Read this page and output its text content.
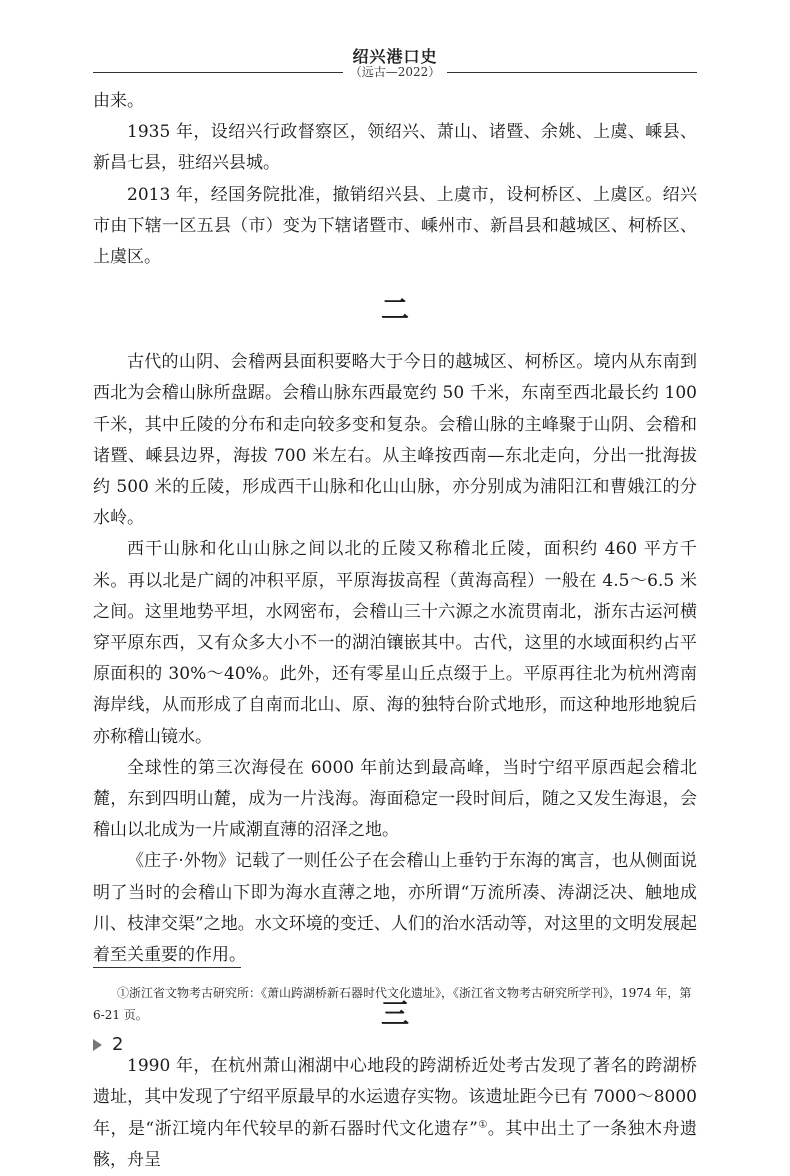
绍兴港口史
（远古—2022）

由来。

1935 年，设绍兴行政督察区，领绍兴、萧山、诸暨、余姚、上虞、嵊县、新昌七县，驻绍兴县城。

2013 年，经国务院批准，撤销绍兴县、上虞市，设柯桥区、上虞区。绍兴市由下辖一区五县（市）变为下辖诸暨市、嵊州市、新昌县和越城区、柯桥区、上虞区。

二

古代的山阴、会稽两县面积要略大于今日的越城区、柯桥区。境内从东南到西北为会稽山脉所盘踞。会稽山脉东西最宽约 50 千米，东南至西北最长约 100 千米，其中丘陵的分布和走向较多变和复杂。会稽山脉的主峰聚于山阴、会稽和诸暨、嵊县边界，海拔 700 米左右。从主峰按西南—东北走向，分出一批海拔约 500 米的丘陵，形成西干山脉和化山山脉，亦分别成为浦阳江和曹娥江的分水岭。

西干山脉和化山山脉之间以北的丘陵又称稽北丘陵，面积约 460 平方千米。再以北是广阔的冲积平原，平原海拔高程（黄海高程）一般在 4.5～6.5 米之间。这里地势平坦，水网密布，会稽山三十六源之水流贯南北，浙东古运河横穿平原东西，又有众多大小不一的湖泊镶嵌其中。古代，这里的水域面积约占平原面积的 30%～40%。此外，还有零星山丘点缀于上。平原再往北为杭州湾南海岸线，从而形成了自南而北山、原、海的独特台阶式地形，而这种地形地貌后亦称稽山镜水。

全球性的第三次海侵在 6000 年前达到最高峰，当时宁绍平原西起会稽北麓，东到四明山麓，成为一片浅海。海面稳定一段时间后，随之又发生海退，会稽山以北成为一片咸潮直薄的沼泽之地。

《庄子·外物》记载了一则任公子在会稽山上垂钓于东海的寓言，也从侧面说明了当时的会稽山下即为海水直薄之地，亦所谓“万流所凑、涛湖泛决、触地成川、枝津交渠”之地。水文环境的变迁、人们的治水活动等，对这里的文明发展起着至关重要的作用。

三

1990 年，在杭州萧山湘湖中心地段的跨湖桥近处考古发现了著名的跨湖桥遗址，其中发现了宁绍平原最早的水运遗存实物。该遗址距今已有 7000～8000 年，是“浙江境内年代较早的新石器时代文化遗存”①。其中出土了一条独木舟遗骸，舟呈

①浙江省文物考古研究所：《萧山跨湖桥新石器时代文化遗址》，《浙江省文物考古研究所学刊》，1974 年，第 6-21 页。

2
